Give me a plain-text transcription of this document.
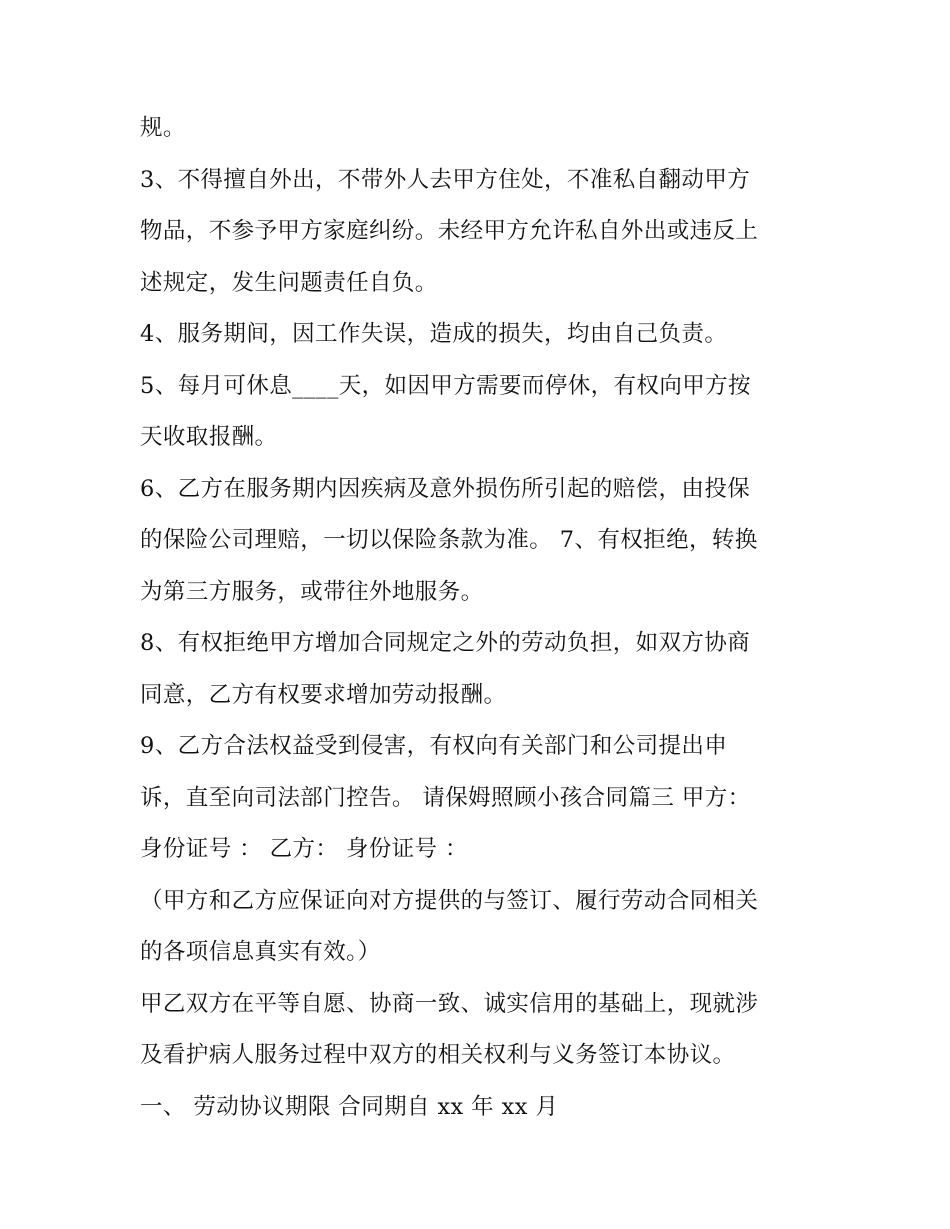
规。
3、不得擅自外出，不带外人去甲方住处，不准私自翻动甲方
物品，不参予甲方家庭纠纷。未经甲方允许私自外出或违反上
述规定，发生问题责任自负。
4、服务期间，因工作失误，造成的损失，均由自己负责。
5、每月可休息____天，如因甲方需要而停休，有权向甲方按
天收取报酬。
6、乙方在服务期内因疾病及意外损伤所引起的赔偿，由投保
的保险公司理赔，一切以保险条款为准。 7、有权拒绝，转换
为第三方服务，或带往外地服务。
8、有权拒绝甲方增加合同规定之外的劳动负担，如双方协商
同意，乙方有权要求增加劳动报酬。
9、乙方合法权益受到侵害，有权向有关部门和公司提出申
诉，直至向司法部门控告。 请保姆照顾小孩合同篇三 甲方：
身份证号 ： 乙方： 身份证号 ：
（甲方和乙方应保证向对方提供的与签订、履行劳动合同相关
的各项信息真实有效。）
甲乙双方在平等自愿、协商一致、诚实信用的基础上，现就涉
及看护病人服务过程中双方的相关权利与义务签订本协议。
一、 劳动协议期限 合同期自 xx 年 xx 月
